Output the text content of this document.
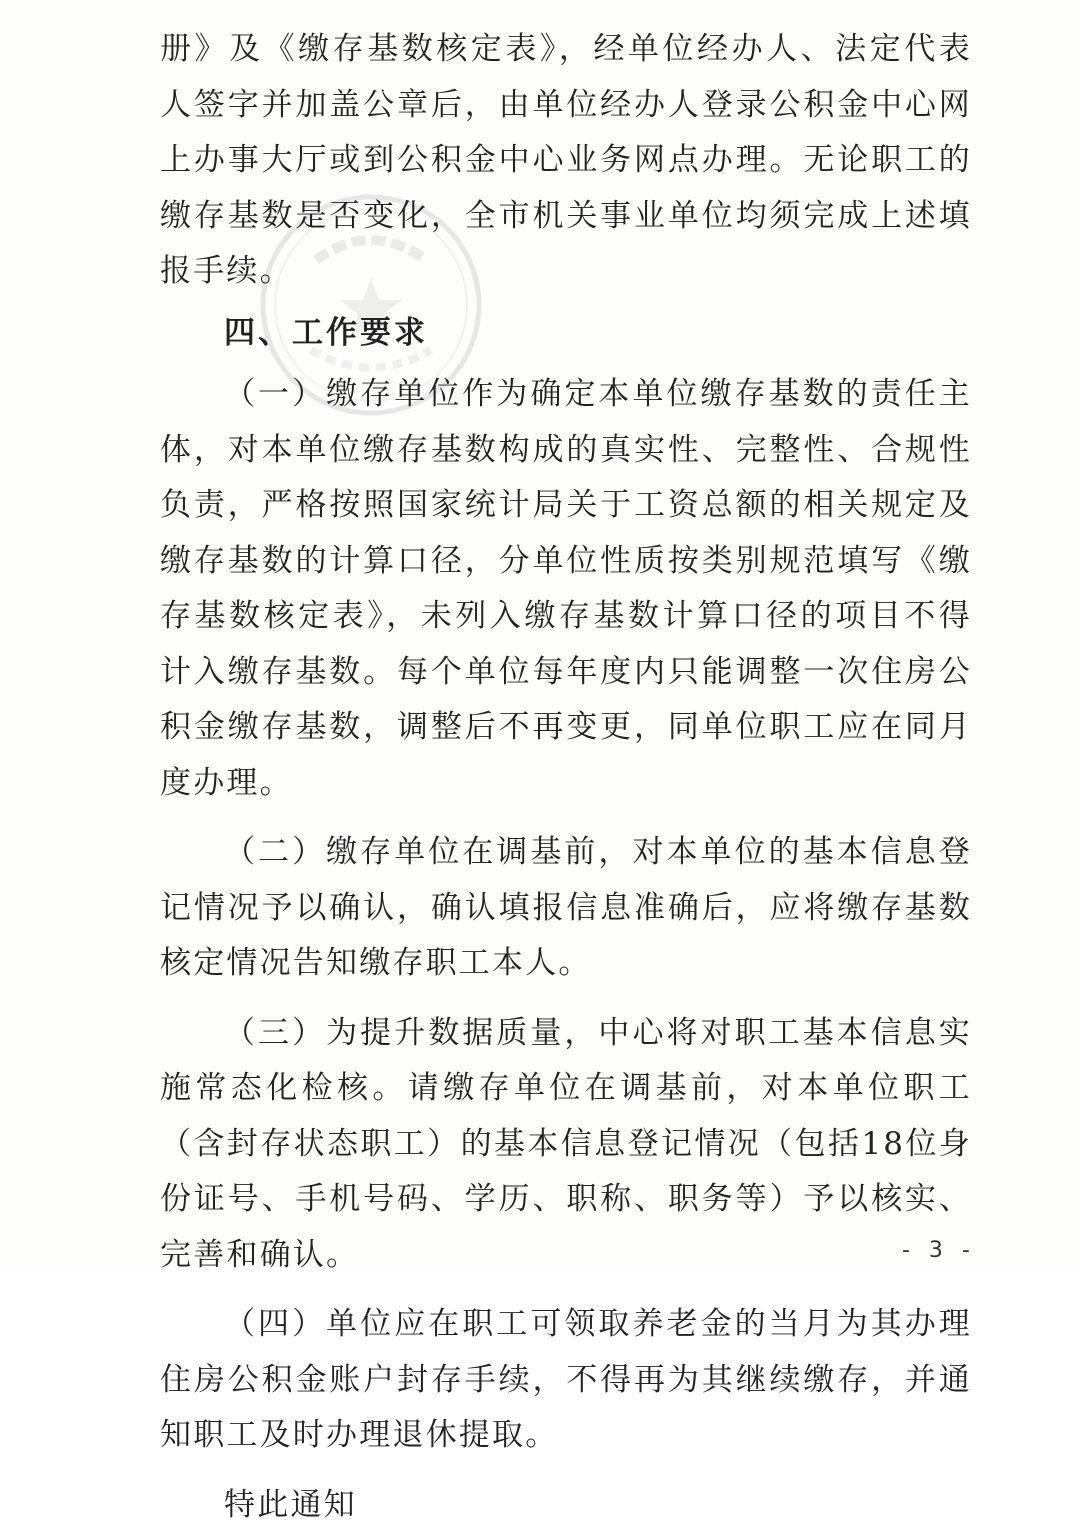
册》及《缴存基数核定表》，经单位经办人、法定代表人签字并加盖公章后，由单位经办人登录公积金中心网上办事大厅或到公积金中心业务网点办理。无论职工的缴存基数是否变化，全市机关事业单位均须完成上述填报手续。

四、工作要求

（一）缴存单位作为确定本单位缴存基数的责任主体，对本单位缴存基数构成的真实性、完整性、合规性负责，严格按照国家统计局关于工资总额的相关规定及缴存基数的计算口径，分单位性质按类别规范填写《缴存基数核定表》，未列入缴存基数计算口径的项目不得计入缴存基数。每个单位每年度内只能调整一次住房公积金缴存基数，调整后不再变更，同单位职工应在同月度办理。

（二）缴存单位在调基前，对本单位的基本信息登记情况予以确认，确认填报信息准确后，应将缴存基数核定情况告知缴存职工本人。

（三）为提升数据质量，中心将对职工基本信息实施常态化检核。请缴存单位在调基前，对本单位职工（含封存状态职工）的基本信息登记情况（包括18位身份证号、手机号码、学历、职称、职务等）予以核实、完善和确认。

（四）单位应在职工可领取养老金的当月为其办理住房公积金账户封存手续，不得再为其继续缴存，并通知职工及时办理退休提取。

特此通知

- 3 -
